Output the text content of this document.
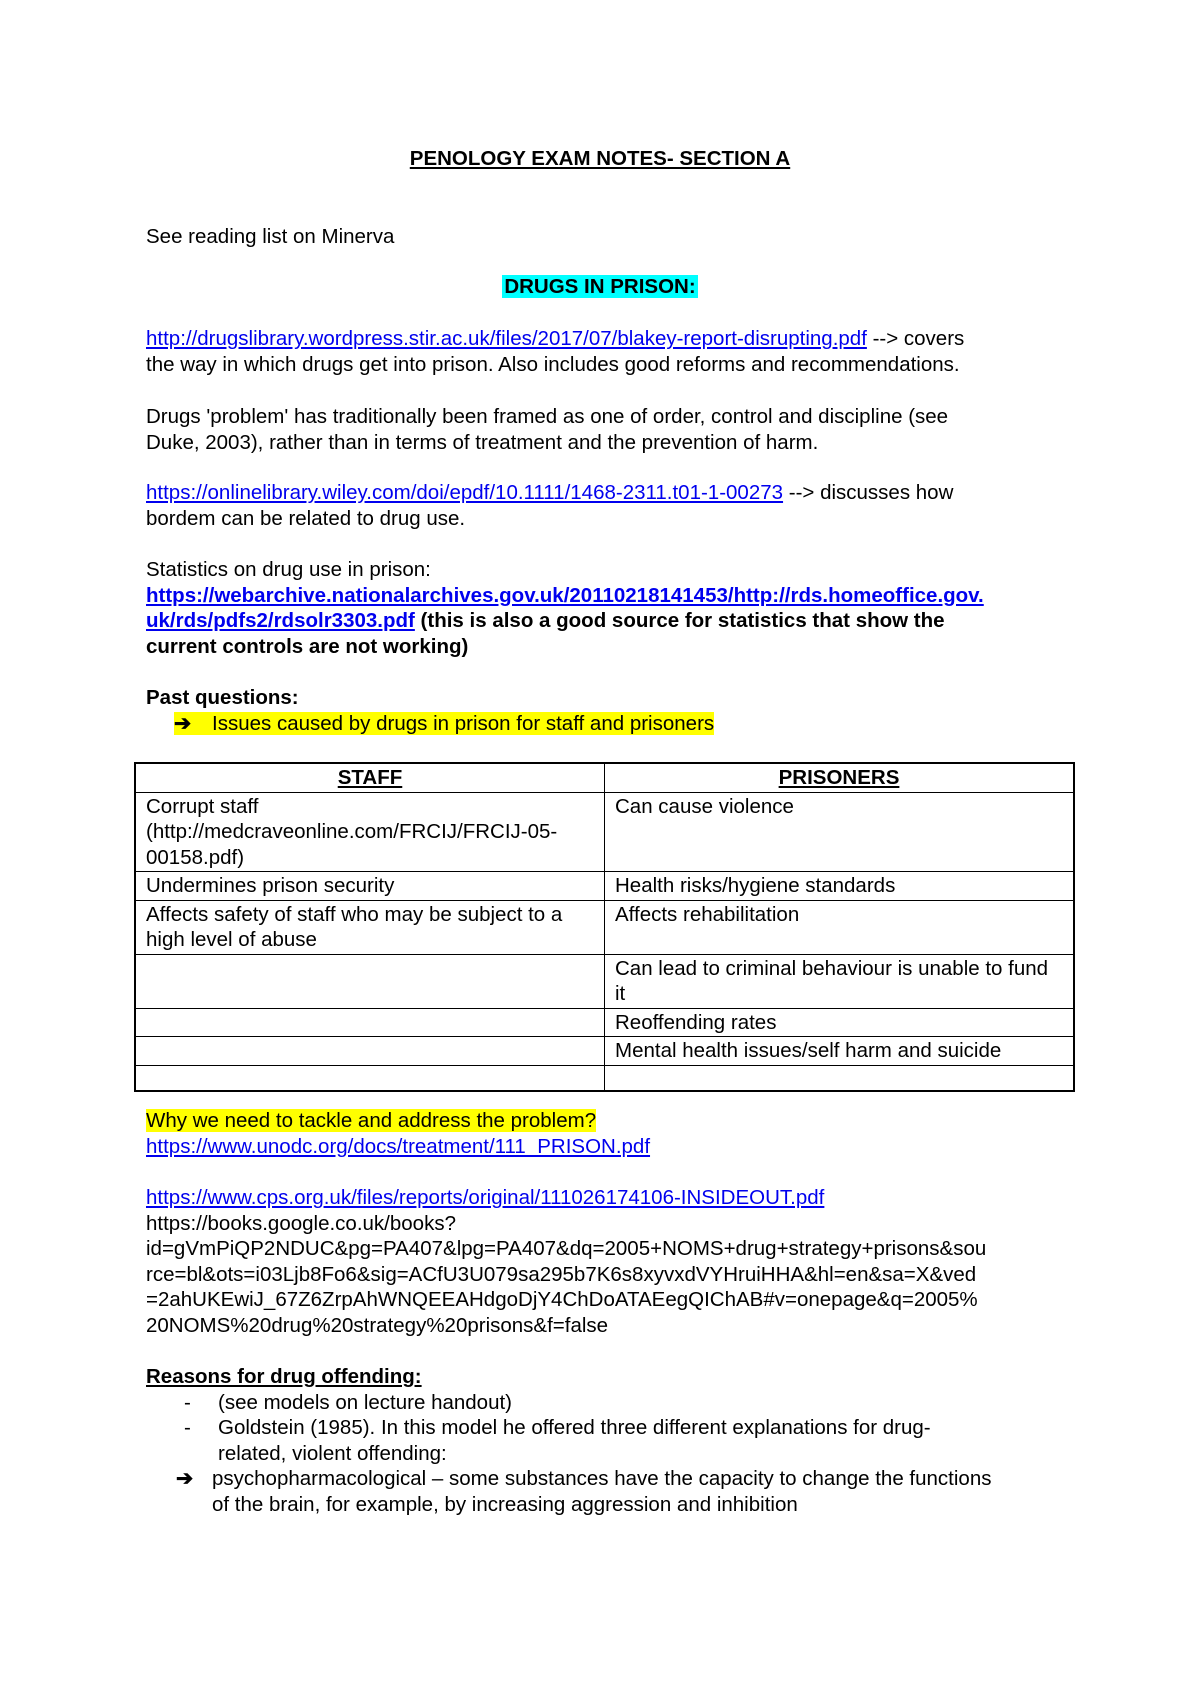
PENOLOGY EXAM NOTES- SECTION A
See reading list on Minerva
DRUGS IN PRISON:
http://drugslibrary.wordpress.stir.ac.uk/files/2017/07/blakey-report-disrupting.pdf --> covers
the way in which drugs get into prison. Also includes good reforms and recommendations.
Drugs 'problem' has traditionally been framed as one of order, control and discipline (see
Duke, 2003), rather than in terms of treatment and the prevention of harm.
https://onlinelibrary.wiley.com/doi/epdf/10.1111/1468-2311.t01-1-00273 --> discusses how
bordem can be related to drug use.
Statistics on drug use in prison:
https://webarchive.nationalarchives.gov.uk/20110218141453/http://rds.homeoffice.gov.
uk/rds/pdfs2/rdsolr3303.pdf (this is also a good source for statistics that show the
current controls are not working)
Past questions:
➔ Issues caused by drugs in prison for staff and prisoners
STAFF	PRISONERS
Corrupt staff (http://medcraveonline.com/FRCIJ/FRCIJ-05-00158.pdf)	Can cause violence
Undermines prison security	Health risks/hygiene standards
Affects safety of staff who may be subject to a high level of abuse	Affects rehabilitation
	Can lead to criminal behaviour is unable to fund it
	Reoffending rates
	Mental health issues/self harm and suicide

Why we need to tackle and address the problem?
https://www.unodc.org/docs/treatment/111_PRISON.pdf
https://www.cps.org.uk/files/reports/original/111026174106-INSIDEOUT.pdf
https://books.google.co.uk/books?
id=gVmPiQP2NDUC&pg=PA407&lpg=PA407&dq=2005+NOMS+drug+strategy+prisons&sou
rce=bl&ots=i03Ljb8Fo6&sig=ACfU3U079sa295b7K6s8xyvxdVYHruiHHA&hl=en&sa=X&ved
=2ahUKEwiJ_67Z6ZrpAhWNQEEAHdgoDjY4ChDoATAEegQIChAB#v=onepage&q=2005%
20NOMS%20drug%20strategy%20prisons&f=false
Reasons for drug offending:
- (see models on lecture handout)
- Goldstein (1985). In this model he offered three different explanations for drug-
related, violent offending:
➔ psychopharmacological – some substances have the capacity to change the functions
of the brain, for example, by increasing aggression and inhibition
